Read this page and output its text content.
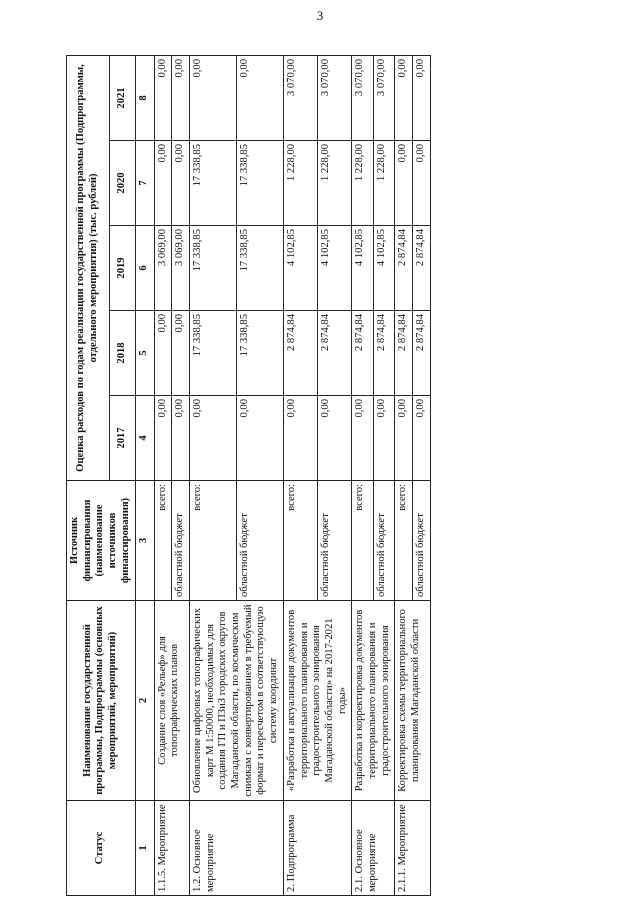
3
Статус	Наименование государственной программы, Подпрограммы (основных мероприятий, мероприятий)	Источник финансирования (наименование источников финансирования)	Оценка расходов по годам реализации государственной программы (Подпрограммы, отдельного мероприятия) (тыс. рублей)				
			2017	2018	2019	2020	2021
1	2	3	4	5	6	7	8
1.1.5. Мероприятие	Создание слоя «Рельеф» для топографических планов	всего:	0,00	0,00	3 069,00	0,00	0,00
		областной бюджет	0,00	0,00	3 069,00	0,00	0,00
1.2. Основное мероприятие	Обновление цифровых топографических карт М 1:50000, необходимых для создания ГП и ПЗиЗ городских округов Магаданской области, по космическим снимкам с конвертированием в требуемый формат и пересчетом в соответствующую систему координат	всего:	0,00	17 338,85	17 338,85	17 338,85	0,00
		областной бюджет	0,00	17 338,85	17 338,85	17 338,85	0,00
2. Подпрограмма	«Разработка и актуализация документов территориального планирования и градостроительного зонирования Магаданской области» на 2017-2021 годы»	всего:	0,00	2 874,84	4 102,85	1 228,00	3 070,00
		областной бюджет	0,00	2 874,84	4 102,85	1 228,00	3 070,00
2.1. Основное мероприятие	Разработка и корректировка документов территориального планирования и градостроительного зонирования	всего:	0,00	2 874,84	4 102,85	1 228,00	3 070,00
		областной бюджет	0,00	2 874,84	4 102,85	1 228,00	3 070,00
2.1.1. Мероприятие	Корректировка схемы территориального планирования Магаданской области	всего:	0,00	2 874,84	2 874,84	0,00	0,00
		областной бюджет	0,00	2 874,84	2 874,84	0,00	0,00
